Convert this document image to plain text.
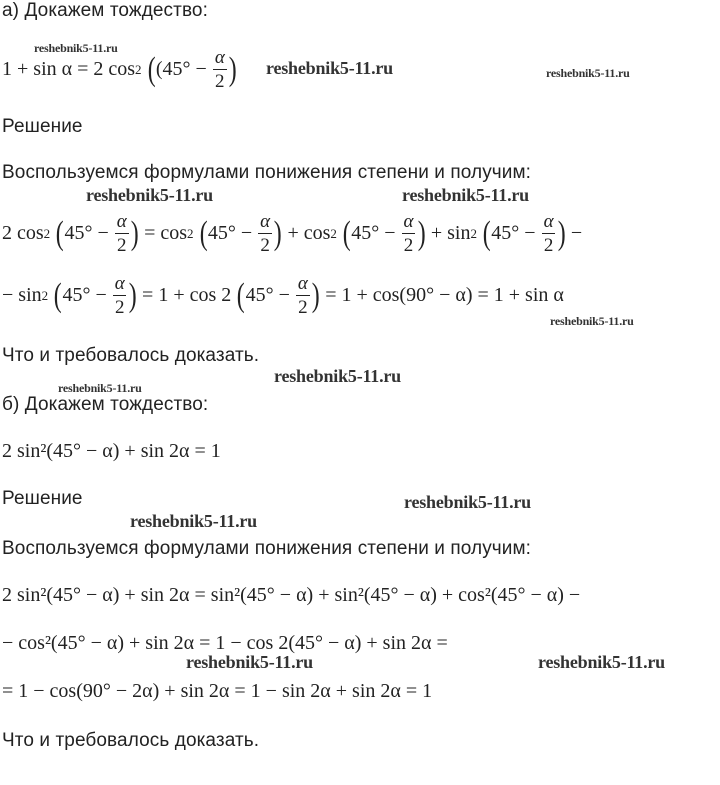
а) Докажем тождество:
1 + sin α = 2 cos 2
( (45° −
$\frac{\alpha}{2}$ )
Решение
Воспользуемся формулами понижения степени и получим:
2 cos 2
( 45° −
$\frac{\alpha}{2}$ )
= cos 2
( 45° −
$\frac{\alpha}{2}$ )
+ cos 2
( 45° −
$\frac{\alpha}{2}$ )
+ sin 2
( 45° −
$\frac{\alpha}{2}$ )
−
− sin 2
( 45° −
$\frac{\alpha}{2}$ )
= 1 + cos 2
( 45° −
$\frac{\alpha}{2}$ )
= 1 + cos(90° − α) = 1 + sin α
Что и требовалось доказать.
б) Докажем тождество:
2 sin²(45° − α) + sin 2α = 1
Решение
Воспользуемся формулами понижения степени и получим:
2 sin²(45° − α) + sin 2α = sin²(45° − α) + sin²(45° − α) + cos²(45° − α) −
− cos²(45° − α) + sin 2α = 1 − cos 2(45° − α) + sin 2α =
= 1 − cos(90° − 2α) + sin 2α = 1 − sin 2α + sin 2α = 1
Что и требовалось доказать.
reshebnik5-11.ru
reshebnik5-11.ru	reshebnik5-11.ru
reshebnik5-11.ru	reshebnik5-11.ru
reshebnik5-11.ru
reshebnik5-11.ru
reshebnik5-11.ru
reshebnik5-11.ru
reshebnik5-11.ru
reshebnik5-11.ru	reshebnik5-11.ru
